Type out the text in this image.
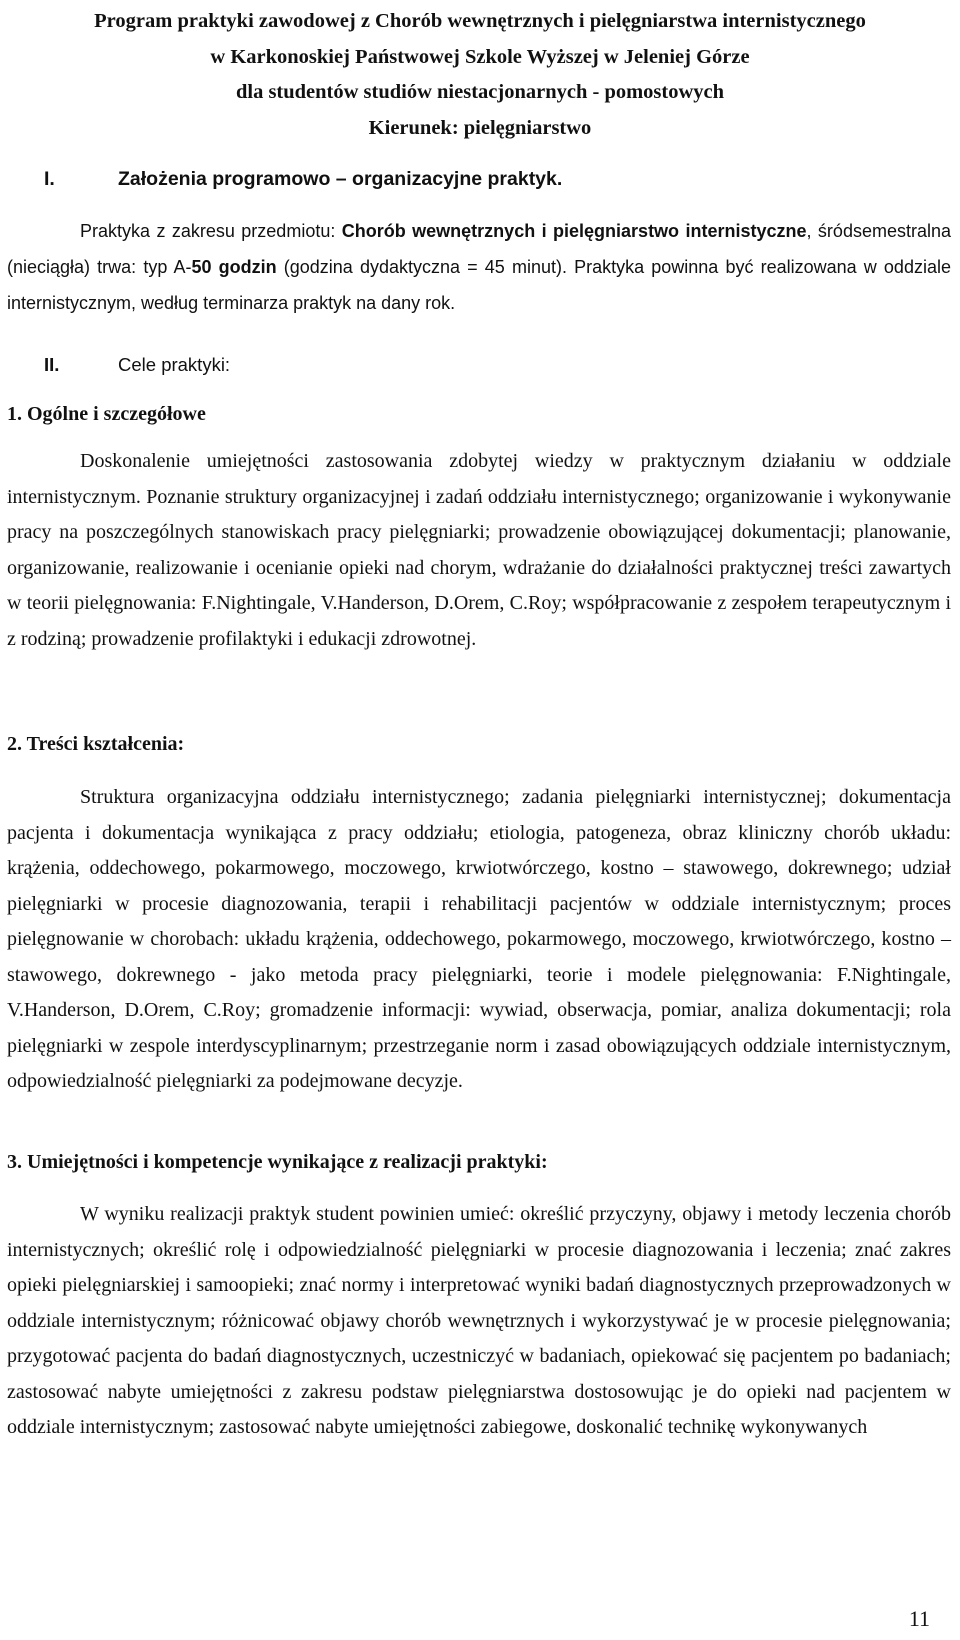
Program praktyki zawodowej z Chorób wewnętrznych i pielęgniarstwa internistycznego
w Karkonoskiej Państwowej Szkole Wyższej w Jeleniej Górze
dla studentów studiów niestacjonarnych - pomostowych
Kierunek: pielęgniarstwo
I.	Założenia programowo – organizacyjne praktyk.
Praktyka z zakresu przedmiotu: Chorób wewnętrznych i pielęgniarstwo internistyczne, śródsemestralna (nieciągła) trwa: typ A-50 godzin (godzina dydaktyczna = 45 minut). Praktyka powinna być realizowana w oddziale internistycznym, według terminarza praktyk na dany rok.
II.	Cele praktyki:
1. Ogólne i szczegółowe
Doskonalenie umiejętności zastosowania zdobytej wiedzy w praktycznym działaniu w oddziale internistycznym. Poznanie struktury organizacyjnej i zadań oddziału internistycznego; organizowanie i wykonywanie pracy na poszczególnych stanowiskach pracy pielęgniarki; prowadzenie obowiązującej dokumentacji; planowanie, organizowanie, realizowanie i ocenianie opieki nad chorym, wdrażanie do działalności praktycznej treści zawartych w teorii pielęgnowania: F.Nightingale, V.Handerson, D.Orem, C.Roy; współpracowanie z zespołem terapeutycznym i z rodziną; prowadzenie profilaktyki i edukacji zdrowotnej.
2. Treści kształcenia:
Struktura organizacyjna oddziału internistycznego; zadania pielęgniarki internistycznej; dokumentacja pacjenta i dokumentacja wynikająca z pracy oddziału; etiologia, patogeneza, obraz kliniczny chorób układu: krążenia, oddechowego, pokarmowego, moczowego, krwiotwórczego, kostno – stawowego, dokrewnego; udział pielęgniarki w procesie diagnozowania, terapii i rehabilitacji pacjentów w oddziale internistycznym; proces pielęgnowanie w chorobach: układu krążenia, oddechowego, pokarmowego, moczowego, krwiotwórczego, kostno – stawowego, dokrewnego - jako metoda pracy pielęgniarki, teorie i modele pielęgnowania: F.Nightingale, V.Handerson, D.Orem, C.Roy; gromadzenie informacji: wywiad, obserwacja, pomiar, analiza dokumentacji; rola pielęgniarki w zespole interdyscyplinarnym; przestrzeganie norm i zasad obowiązujących oddziale internistycznym, odpowiedzialność pielęgniarki za podejmowane decyzje.
3. Umiejętności i kompetencje wynikające z realizacji praktyki:
W wyniku realizacji praktyk student powinien umieć: określić przyczyny, objawy i metody leczenia chorób internistycznych; określić rolę i odpowiedzialność pielęgniarki w procesie diagnozowania i leczenia; znać zakres opieki pielęgniarskiej i samoopieki; znać normy i interpretować wyniki badań diagnostycznych przeprowadzonych w oddziale internistycznym; różnicować objawy chorób wewnętrznych i wykorzystywać je w procesie pielęgnowania; przygotować pacjenta do badań diagnostycznych, uczestniczyć w badaniach, opiekować się pacjentem po badaniach; zastosować nabyte umiejętności z zakresu podstaw pielęgniarstwa dostosowując je do opieki nad pacjentem w oddziale internistycznym; zastosować nabyte umiejętności zabiegowe, doskonalić technikę wykonywanych
11
